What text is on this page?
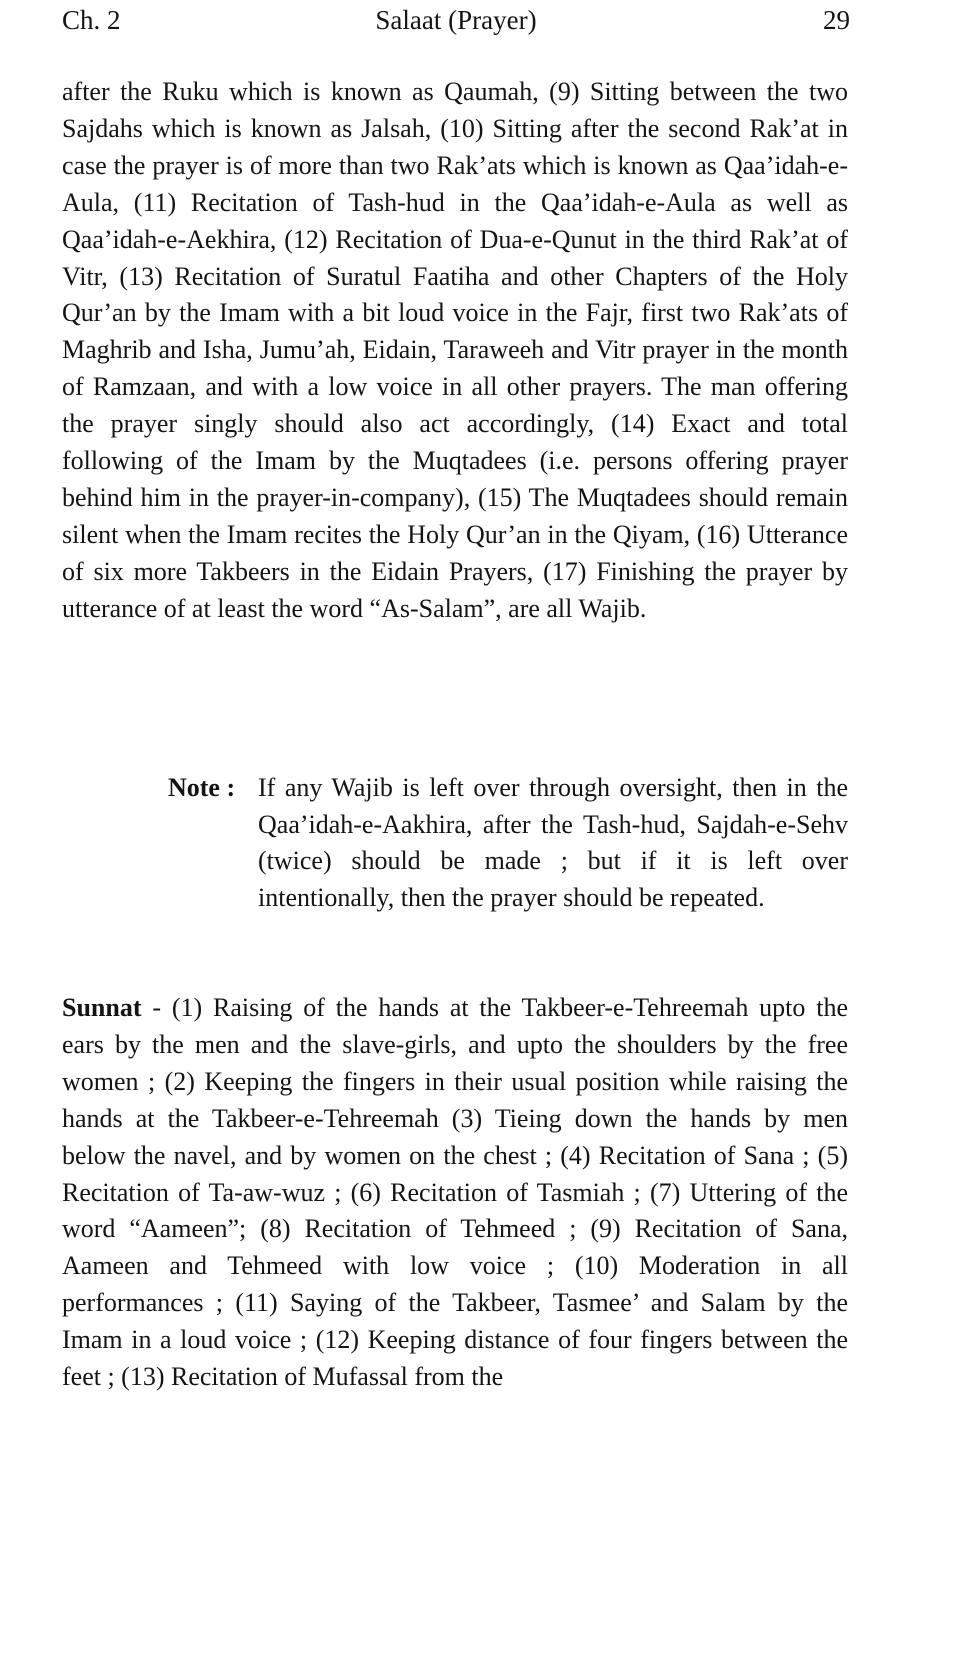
Ch. 2	Salaat (Prayer)	29

after the Ruku which is known as Qaumah, (9) Sitting between the two Sajdahs which is known as Jalsah, (10) Sitting after the second Rak’at in case the prayer is of more than two Rak’ats which is known as Qaa’idah-e-Aula, (11) Recitation of Tash-hud in the Qaa’idah-e-Aula as well as Qaa’idah-e-Aekhira, (12) Recitation of Dua-e-Qunut in the third Rak’at of Vitr, (13) Recitation of Suratul Faatiha and other Chapters of the Holy Qur’an by the Imam with a bit loud voice in the Fajr, first two Rak’ats of Maghrib and Isha, Jumu’ah, Eidain, Taraweeh and Vitr prayer in the month of Ramzaan, and with a low voice in all other prayers. The man offering the prayer singly should also act accordingly, (14) Exact and total following of the Imam by the Muqtadees (i.e. persons offering prayer behind him in the prayer-in-company), (15) The Muqtadees should remain silent when the Imam recites the Holy Qur’an in the Qiyam, (16) Utterance of six more Takbeers in the Eidain Prayers, (17) Finishing the prayer by utterance of at least the word “As-Salam”, are all Wajib.

Note : If any Wajib is left over through oversight, then in the Qaa’idah-e-Aakhira, after the Tash-hud, Sajdah-e-Sehv (twice) should be made ; but if it is left over intentionally, then the prayer should be repeated.

Sunnat - (1) Raising of the hands at the Takbeer-e-Tehreemah upto the ears by the men and the slave-girls, and upto the shoulders by the free women ; (2) Keeping the fingers in their usual position while raising the hands at the Takbeer-e-Tehreemah (3) Tieing down the hands by men below the navel, and by women on the chest ; (4) Recitation of Sana ; (5) Recitation of Ta-aw-wuz ; (6) Recitation of Tasmiah ; (7) Uttering of the word “Aameen”; (8) Recitation of Tehmeed ; (9) Recitation of Sana, Aameen and Tehmeed with low voice ; (10) Moderation in all performances ; (11) Saying of the Takbeer, Tasmee’ and Salam by the Imam in a loud voice ; (12) Keeping distance of four fingers between the feet ; (13) Recitation of Mufassal from the
